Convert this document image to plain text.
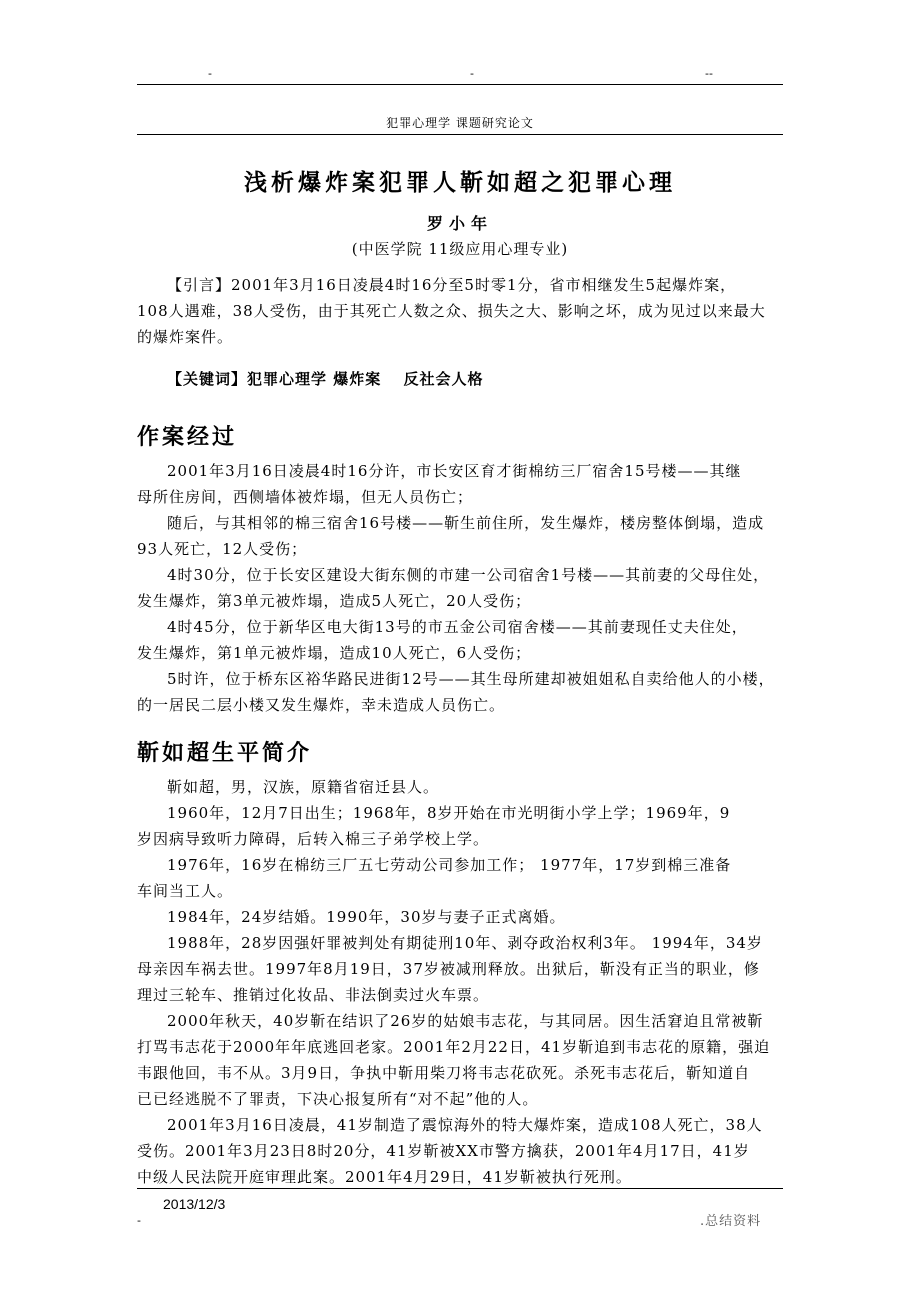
-	-	--
犯罪心理学 课题研究论文
浅析爆炸案犯罪人靳如超之犯罪心理
罗小年
(中医学院 11级应用心理专业)

【引言】2001年3月16日凌晨4时16分至5时零1分，省市相继发生5起爆炸案，

108人遇难，38人受伤，由于其死亡人数之众、损失之大、影响之坏，成为见过以来最大

的爆炸案件。

【关键词】犯罪心理学 爆炸案　 反社会人格

作案经过

2001年3月16日凌晨4时16分许，市长安区育才街棉纺三厂宿舍15号楼——其继

母所住房间，西侧墙体被炸塌，但无人员伤亡；

随后，与其相邻的棉三宿舍16号楼——靳生前住所，发生爆炸，楼房整体倒塌，造成

93人死亡，12人受伤；

4时30分，位于长安区建设大街东侧的市建一公司宿舍1号楼——其前妻的父母住处，

发生爆炸，第3单元被炸塌，造成5人死亡，20人受伤；

4时45分，位于新华区电大街13号的市五金公司宿舍楼——其前妻现任丈夫住处，

发生爆炸，第1单元被炸塌，造成10人死亡，6人受伤；

5时许，位于桥东区裕华路民进街12号——其生母所建却被姐姐私自卖给他人的小楼，

的一居民二层小楼又发生爆炸，幸未造成人员伤亡。

靳如超生平简介

靳如超，男，汉族，原籍省宿迁县人。

1960年，12月7日出生；1968年，8岁开始在市光明街小学上学；1969年，9

岁因病导致听力障碍，后转入棉三子弟学校上学。

1976年，16岁在棉纺三厂五七劳动公司参加工作； 1977年，17岁到棉三准备

车间当工人。

1984年，24岁结婚。1990年，30岁与妻子正式离婚。

1988年，28岁因强奸罪被判处有期徒刑10年、剥夺政治权利3年。 1994年，34岁

母亲因车祸去世。1997年8月19日，37岁被减刑释放。出狱后，靳没有正当的职业，修

理过三轮车、推销过化妆品、非法倒卖过火车票。

2000年秋天，40岁靳在结识了26岁的姑娘韦志花，与其同居。因生活窘迫且常被靳

打骂韦志花于2000年年底逃回老家。2001年2月22日，41岁靳追到韦志花的原籍，强迫

韦跟他回，韦不从。3月9日，争执中靳用柴刀将韦志花砍死。杀死韦志花后，靳知道自

已已经逃脱不了罪责，下决心报复所有“对不起”他的人。

2001年3月16日凌晨，41岁制造了震惊海外的特大爆炸案，造成108人死亡，38人

受伤。2001年3月23日8时20分，41岁靳被XX市警方擒获，2001年4月17日，41岁

中级人民法院开庭审理此案。2001年4月29日，41岁靳被执行死刑。

2013/12/3
-	.总结资料
